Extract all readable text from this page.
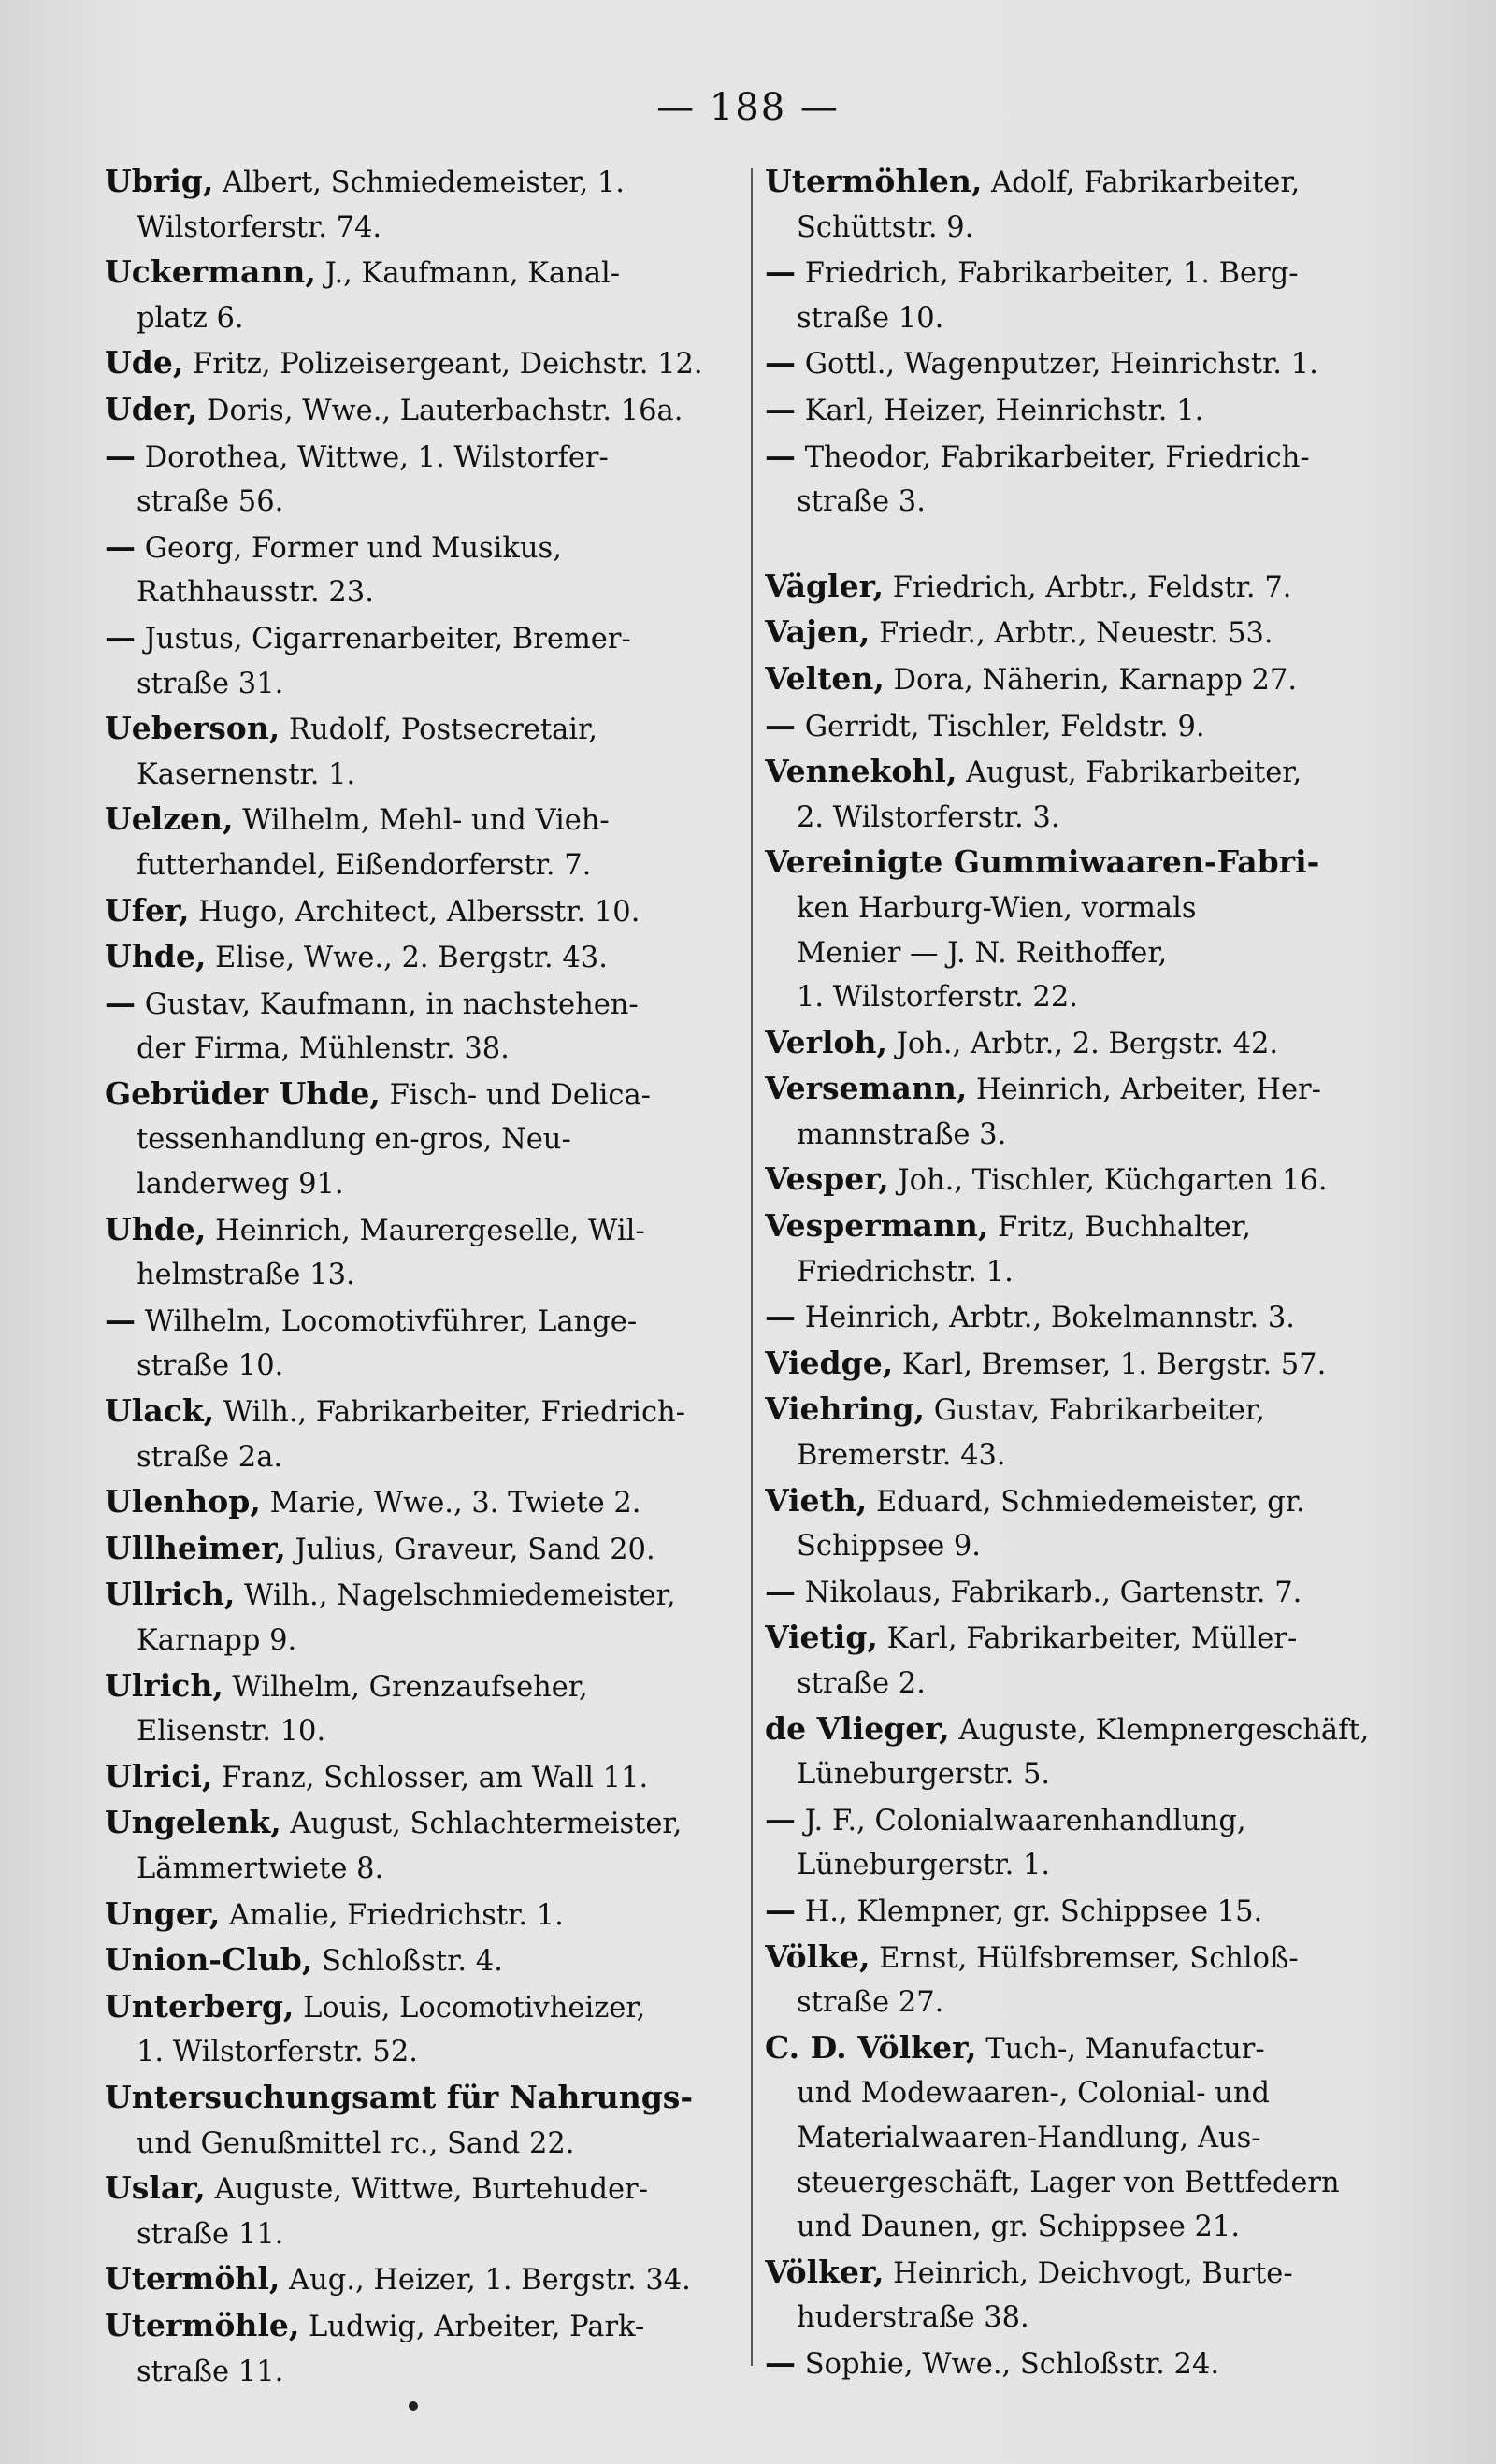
— 188 —
Ubrig, Albert, Schmiedemeister, 1.
Wilstorferstr. 74.
Uckermann, J., Kaufmann, Kanal-
platz 6.
Ude, Fritz, Polizeisergeant, Deichstr. 12.
Uder, Doris, Wwe., Lauterbachstr. 16a.
— Dorothea, Wittwe, 1. Wilstorfer-
straße 56.
— Georg, Former und Musikus,
Rathhausstr. 23.
— Justus, Cigarrenarbeiter, Bremer-
straße 31.
Ueberson, Rudolf, Postsecretair,
Kasernenstr. 1.
Uelzen, Wilhelm, Mehl- und Vieh-
futterhandel, Eißendorferstr. 7.
Ufer, Hugo, Architect, Albersstr. 10.
Uhde, Elise, Wwe., 2. Bergstr. 43.
— Gustav, Kaufmann, in nachstehen-
der Firma, Mühlenstr. 38.
Gebrüder Uhde, Fisch- und Delica-
tessenhandlung en-gros, Neu-
landerweg 91.
Uhde, Heinrich, Maurergeselle, Wil-
helmstraße 13.
— Wilhelm, Locomotivführer, Lange-
straße 10.
Ulack, Wilh., Fabrikarbeiter, Friedrich-
straße 2a.
Ulenhop, Marie, Wwe., 3. Twiete 2.
Ullheimer, Julius, Graveur, Sand 20.
Ullrich, Wilh., Nagelschmiedemeister,
Karnapp 9.
Ulrich, Wilhelm, Grenzaufseher,
Elisenstr. 10.
Ulrici, Franz, Schlosser, am Wall 11.
Ungelenk, August, Schlachtermeister,
Lämmertwiete 8.
Unger, Amalie, Friedrichstr. 1.
Union-Club, Schloßstr. 4.
Unterberg, Louis, Locomotivheizer,
1. Wilstorferstr. 52.
Untersuchungsamt für Nahrungs-
und Genußmittel rc., Sand 22.
Uslar, Auguste, Wittwe, Burtehuder-
straße 11.
Utermöhl, Aug., Heizer, 1. Bergstr. 34.
Utermöhle, Ludwig, Arbeiter, Park-
straße 11.
Utermöhlen, Adolf, Fabrikarbeiter,
Schüttstr. 9.
— Friedrich, Fabrikarbeiter, 1. Berg-
straße 10.
— Gottl., Wagenputzer, Heinrichstr. 1.
— Karl, Heizer, Heinrichstr. 1.
— Theodor, Fabrikarbeiter, Friedrich-
straße 3.
Vägler, Friedrich, Arbtr., Feldstr. 7.
Vajen, Friedr., Arbtr., Neuestr. 53.
Velten, Dora, Näherin, Karnapp 27.
— Gerridt, Tischler, Feldstr. 9.
Vennekohl, August, Fabrikarbeiter,
2. Wilstorferstr. 3.
Vereinigte Gummiwaaren-Fabri-
ken Harburg-Wien, vormals
Menier — J. N. Reithoffer,
1. Wilstorferstr. 22.
Verloh, Joh., Arbtr., 2. Bergstr. 42.
Versemann, Heinrich, Arbeiter, Her-
mannstraße 3.
Vesper, Joh., Tischler, Küchgarten 16.
Vespermann, Fritz, Buchhalter,
Friedrichstr. 1.
— Heinrich, Arbtr., Bokelmannstr. 3.
Viedge, Karl, Bremser, 1. Bergstr. 57.
Viehring, Gustav, Fabrikarbeiter,
Bremerstr. 43.
Vieth, Eduard, Schmiedemeister, gr.
Schippsee 9.
— Nikolaus, Fabrikarb., Gartenstr. 7.
Vietig, Karl, Fabrikarbeiter, Müller-
straße 2.
de Vlieger, Auguste, Klempnergeschäft,
Lüneburgerstr. 5.
— J. F., Colonialwaarenhandlung,
Lüneburgerstr. 1.
— H., Klempner, gr. Schippsee 15.
Völke, Ernst, Hülfsbremser, Schloß-
straße 27.
C. D. Völker, Tuch-, Manufactur-
und Modewaaren-, Colonial- und
Materialwaaren-Handlung, Aus-
steuergeschäft, Lager von Bettfedern
und Daunen, gr. Schippsee 21.
Völker, Heinrich, Deichvogt, Burte-
huderstraße 38.
— Sophie, Wwe., Schloßstr. 24.
